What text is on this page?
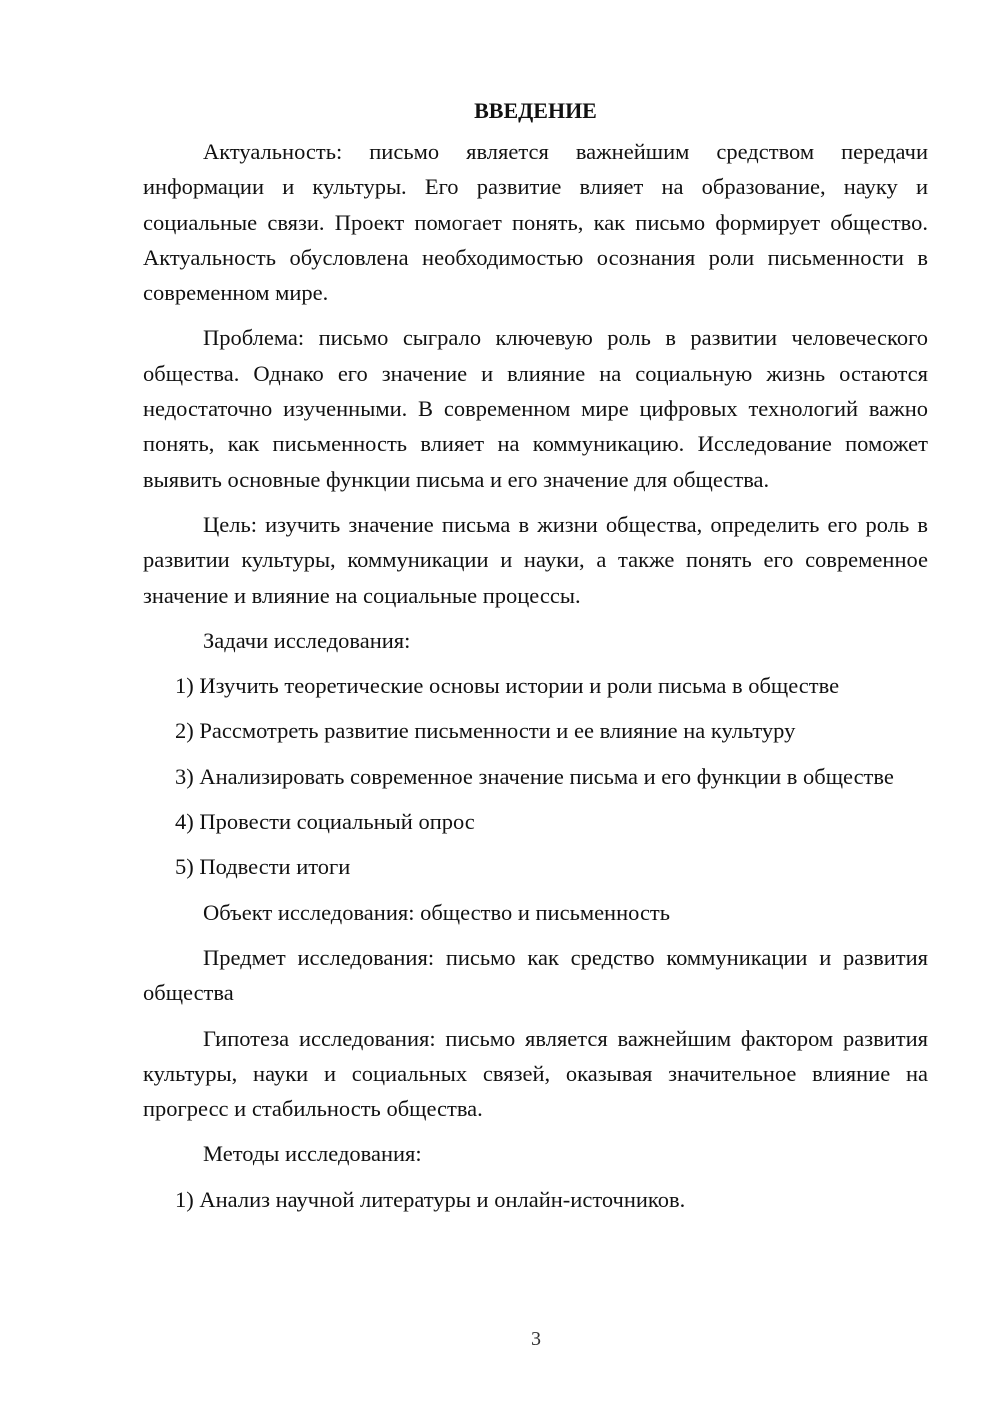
ВВЕДЕНИЕ

Актуальность: письмо является важнейшим средством передачи информации и культуры. Его развитие влияет на образование, науку и социальные связи. Проект помогает понять, как письмо формирует общество. Актуальность обусловлена необходимостью осознания роли письменности в современном мире.

Проблема: письмо сыграло ключевую роль в развитии человеческого общества. Однако его значение и влияние на социальную жизнь остаются недостаточно изученными. В современном мире цифровых технологий важно понять, как письменность влияет на коммуникацию. Исследование поможет выявить основные функции письма и его значение для общества.

Цель: изучить значение письма в жизни общества, определить его роль в развитии культуры, коммуникации и науки, а также понять его современное значение и влияние на социальные процессы.

Задачи исследования:

1) Изучить теоретические основы истории и роли письма в обществе

2) Рассмотреть развитие письменности и ее влияние на культуру

3) Анализировать современное значение письма и его функции в обществе

4) Провести социальный опрос

5) Подвести итоги

Объект исследования: общество и письменность

Предмет исследования: письмо как средство коммуникации и развития общества

Гипотеза исследования: письмо является важнейшим фактором развития культуры, науки и социальных связей, оказывая значительное влияние на прогресс и стабильность общества.

Методы исследования:

1) Анализ научной литературы и онлайн-источников.

3
